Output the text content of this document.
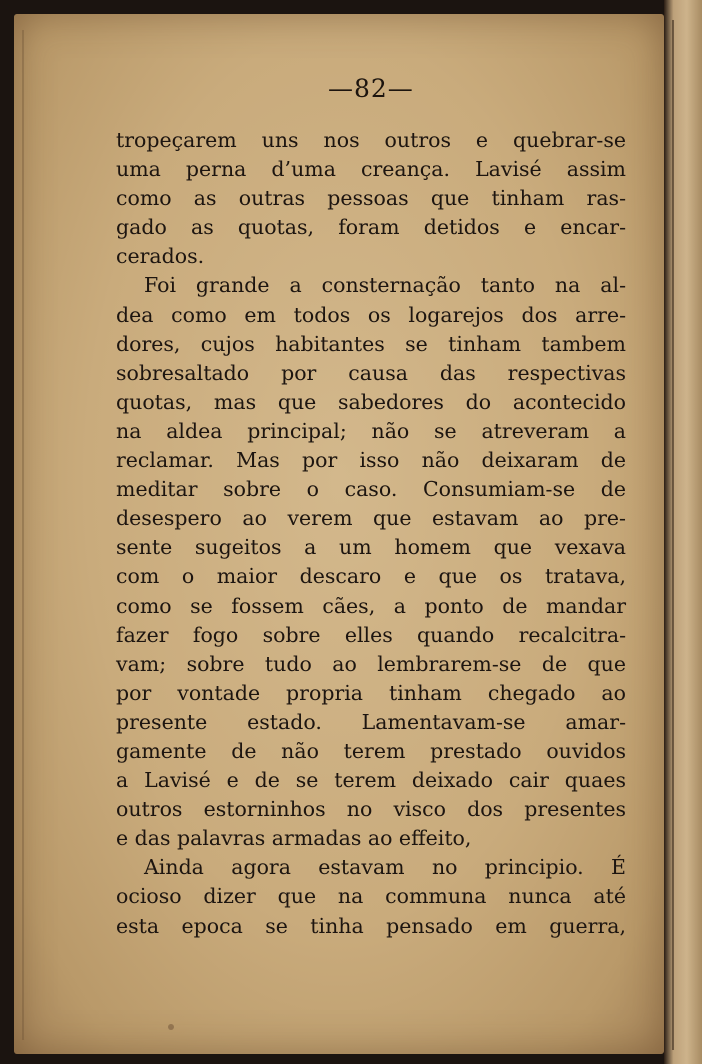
—82—
tropeçarem uns nos outros e quebrar-se
uma perna d’uma creança. Lavisé assim
como as outras pessoas que tinham ras-
gado as quotas, foram detidos e encar-
cerados.
Foi grande a consternação tanto na al-
dea como em todos os logarejos dos arre-
dores, cujos habitantes se tinham tambem
sobresaltado por causa das respectivas
quotas, mas que sabedores do acontecido
na aldea principal; não se atreveram a
reclamar. Mas por isso não deixaram de
meditar sobre o caso. Consumiam-se de
desespero ao verem que estavam ao pre-
sente sugeitos a um homem que vexava
com o maior descaro e que os tratava,
como se fossem cães, a ponto de mandar
fazer fogo sobre elles quando recalcitra-
vam; sobre tudo ao lembrarem-se de que
por vontade propria tinham chegado ao
presente estado. Lamentavam-se amar-
gamente de não terem prestado ouvidos
a Lavisé e de se terem deixado cair quaes
outros estorninhos no visco dos presentes
e das palavras armadas ao effeito,
Ainda agora estavam no principio. É
ocioso dizer que na communa nunca até
esta epoca se tinha pensado em guerra,
